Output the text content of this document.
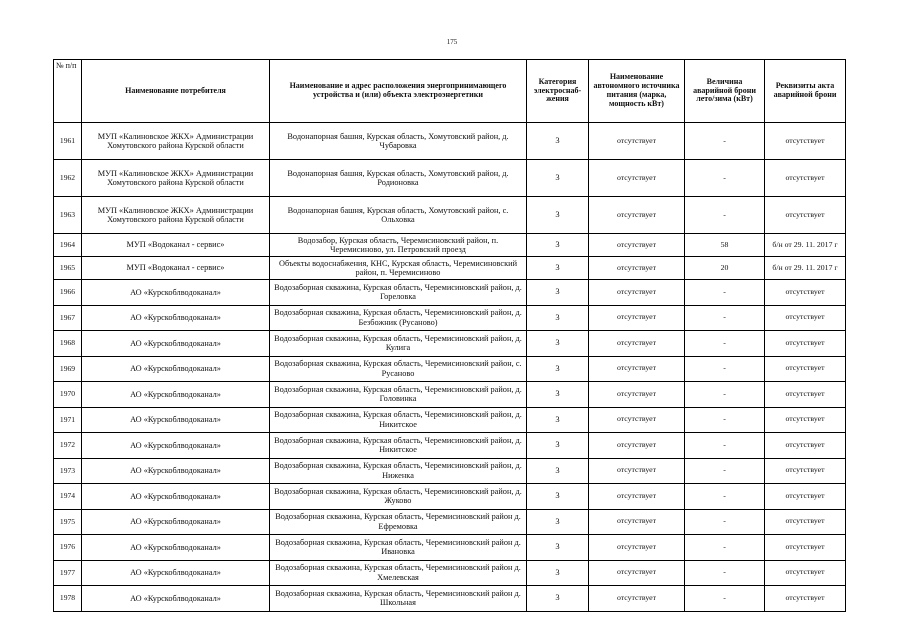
175
№ п/п	Наименование потребителя	Наименование и адрес расположения энергопринимающего устройства и (или) объекта электроэнергетики	Категория электроснаб-жения	Наименование автономного источника питания (марка, мощность кВт)	Величина аварийной брони лето/зима (кВт)	Реквизиты акта аварийной брони
1961	МУП «Калиновское ЖКХ» Администрации Хомутовского района Курской области	Водонапорная башня, Курская область, Хомутовский район, д. Чубаровка	3	отсутствует	-	отсутствует
1962	МУП «Калиновское ЖКХ» Администрации Хомутовского района Курской области	Водонапорная башня, Курская область, Хомутовский район, д. Родионовка	3	отсутствует	-	отсутствует
1963	МУП «Калиновское ЖКХ» Администрации Хомутовского района Курской области	Водонапорная башня, Курская область, Хомутовский район, с. Ольховка	3	отсутствует	-	отсутствует
1964	МУП «Водоканал - сервис»	Водозабор, Курская область, Черемисиновский район, п. Черемисиново, ул. Петровский проезд	3	отсутствует	58	б/н от 29. 11. 2017 г
1965	МУП «Водоканал - сервис»	Объекты водоснабжения, КНС, Курская область, Черемисиновский район, п. Черемисиново	3	отсутствует	20	б/н от 29. 11. 2017 г
1966	АО «Курскоблводоканал»	Водозаборная скважина, Курская область, Черемисиновский район, д. Гореловка	3	отсутствует	-	отсутствует
1967	АО «Курскоблводоканал»	Водозаборная скважина, Курская область, Черемисиновский район, д. Безбожник (Русаново)	3	отсутствует	-	отсутствует
1968	АО «Курскоблводоканал»	Водозаборная скважина, Курская область, Черемисиновский район, д. Кулига	3	отсутствует	-	отсутствует
1969	АО «Курскоблводоканал»	Водозаборная скважина, Курская область, Черемисиновский район, с. Русаново	3	отсутствует	-	отсутствует
1970	АО «Курскоблводоканал»	Водозаборная скважина, Курская область, Черемисиновский район, д. Головинка	3	отсутствует	-	отсутствует
1971	АО «Курскоблводоканал»	Водозаборная скважина, Курская область, Черемисиновский район, д. Никитское	3	отсутствует	-	отсутствует
1972	АО «Курскоблводоканал»	Водозаборная скважина, Курская область, Черемисиновский район, д. Никитское	3	отсутствует	-	отсутствует
1973	АО «Курскоблводоканал»	Водозаборная скважина, Курская область, Черемисиновский район, д. Ниженка	3	отсутствует	-	отсутствует
1974	АО «Курскоблводоканал»	Водозаборная скважина, Курская область, Черемисиновский район, д. Жуково	3	отсутствует	-	отсутствует
1975	АО «Курскоблводоканал»	Водозаборная скважина, Курская область, Черемисиновский район д. Ефремовка	3	отсутствует	-	отсутствует
1976	АО «Курскоблводоканал»	Водозаборная скважина, Курская область, Черемисиновский район д. Ивановка	3	отсутствует	-	отсутствует
1977	АО «Курскоблводоканал»	Водозаборная скважина, Курская область, Черемисиновский район д. Хмелевская	3	отсутствует	-	отсутствует
1978	АО «Курскоблводоканал»	Водозаборная скважина, Курская область, Черемисиновский район д. Школьная	3	отсутствует	-	отсутствует
